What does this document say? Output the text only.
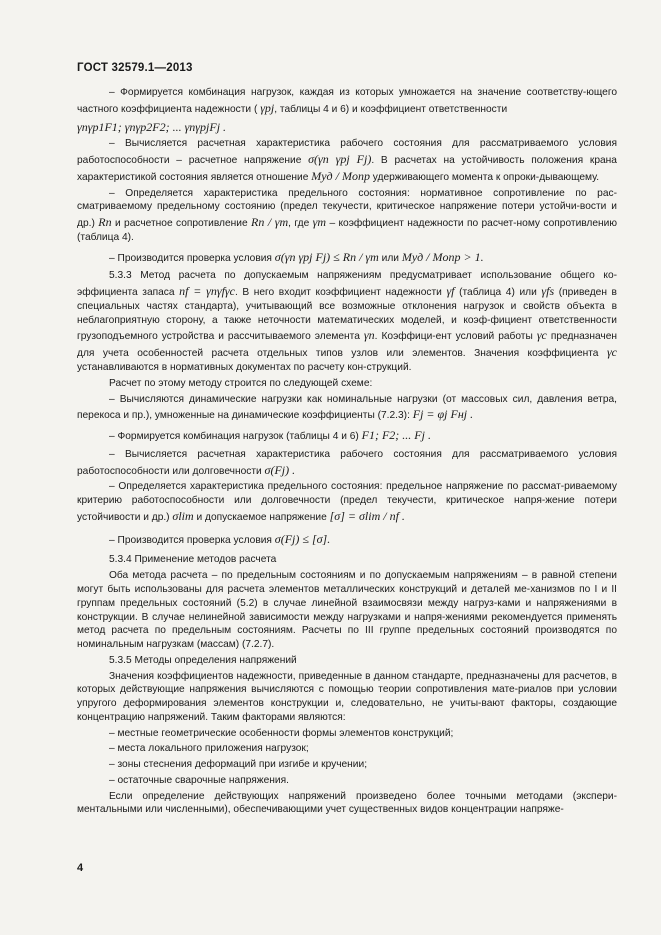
ГОСТ 32579.1—2013

– Формируется комбинация нагрузок, каждая из которых умножается на значение соответству-ющего частного коэффициента надежности ( γpj, таблицы 4 и 6) и коэффициент ответственности

γnγp1F1; γnγp2F2; ... γnγpjFj .

– Вычисляется расчетная характеристика рабочего состояния для рассматриваемого условия работоспособности – расчетное напряжение σ(γn γpj Fj). В расчетах на устойчивость положения крана характеристикой состояния является отношение Mуд / Mопр удерживающего момента к опроки-дывающему.

– Определяется характеристика предельного состояния: нормативное сопротивление по рас-сматриваемому предельному состоянию (предел текучести, критическое напряжение потери устойчи-вости и др.) Rn и расчетное сопротивление Rn / γm, где γm – коэффициент надежности по расчет-ному сопротивлению (таблица 4).

– Производится проверка условия σ(γn γpj Fj) ≤ Rn / γm или Mуд / Mопр > 1.

5.3.3 Метод расчета по допускаемым напряжениям предусматривает использование общего ко-эффициента запаса nf = γnγfγc. В него входит коэффициент надежности γf (таблица 4) или γfs (приведен в специальных частях стандарта), учитывающий все возможные отклонения нагрузок и свойств объекта в неблагоприятную сторону, а также неточности математических моделей, и коэф-фициент ответственности грузоподъемного устройства и рассчитываемого элемента γn. Коэффици-ент условий работы γc предназначен для учета особенностей расчета отдельных типов узлов или элементов. Значения коэффициента γc устанавливаются в нормативных документах по расчету кон-струкций.

Расчет по этому методу строится по следующей схеме:

– Вычисляются динамические нагрузки как номинальные нагрузки (от массовых сил, давления ветра, перекоса и пр.), умноженные на динамические коэффициенты (7.2.3): Fj = φj Fнj .

– Формируется комбинация нагрузок (таблицы 4 и 6) F1; F2; ... Fj .

– Вычисляется расчетная характеристика рабочего состояния для рассматриваемого условия работоспособности или долговечности σ(Fj) .

– Определяется характеристика предельного состояния: предельное напряжение по рассмат-риваемому критерию работоспособности или долговечности (предел текучести, критическое напря-жение потери устойчивости и др.) σlim и допускаемое напряжение [σ] = σlim / nf .

– Производится проверка условия σ(Fj) ≤ [σ].

5.3.4 Применение методов расчета

Оба метода расчета – по предельным состояниям и по допускаемым напряжениям – в равной степени могут быть использованы для расчета элементов металлических конструкций и деталей ме-ханизмов по I и II группам предельных состояний (5.2) в случае линейной взаимосвязи между нагруз-ками и напряжениями в конструкции. В случае нелинейной зависимости между нагрузками и напря-жениями рекомендуется применять метод расчета по предельным состояниям. Расчеты по III группе предельных состояний производятся по номинальным нагрузкам (массам) (7.2.7).

5.3.5 Методы определения напряжений

Значения коэффициентов надежности, приведенные в данном стандарте, предназначены для расчетов, в которых действующие напряжения вычисляются с помощью теории сопротивления мате-риалов при условии упругого деформирования элементов конструкции и, следовательно, не учиты-вают факторы, создающие концентрацию напряжений. Таким факторами являются:

– местные геометрические особенности формы элементов конструкций;

– места локального приложения нагрузок;

– зоны стеснения деформаций при изгибе и кручении;

– остаточные сварочные напряжения.

Если определение действующих напряжений произведено более точными методами (экспери-ментальными или численными), обеспечивающими учет существенных видов концентрации напряже-

4
